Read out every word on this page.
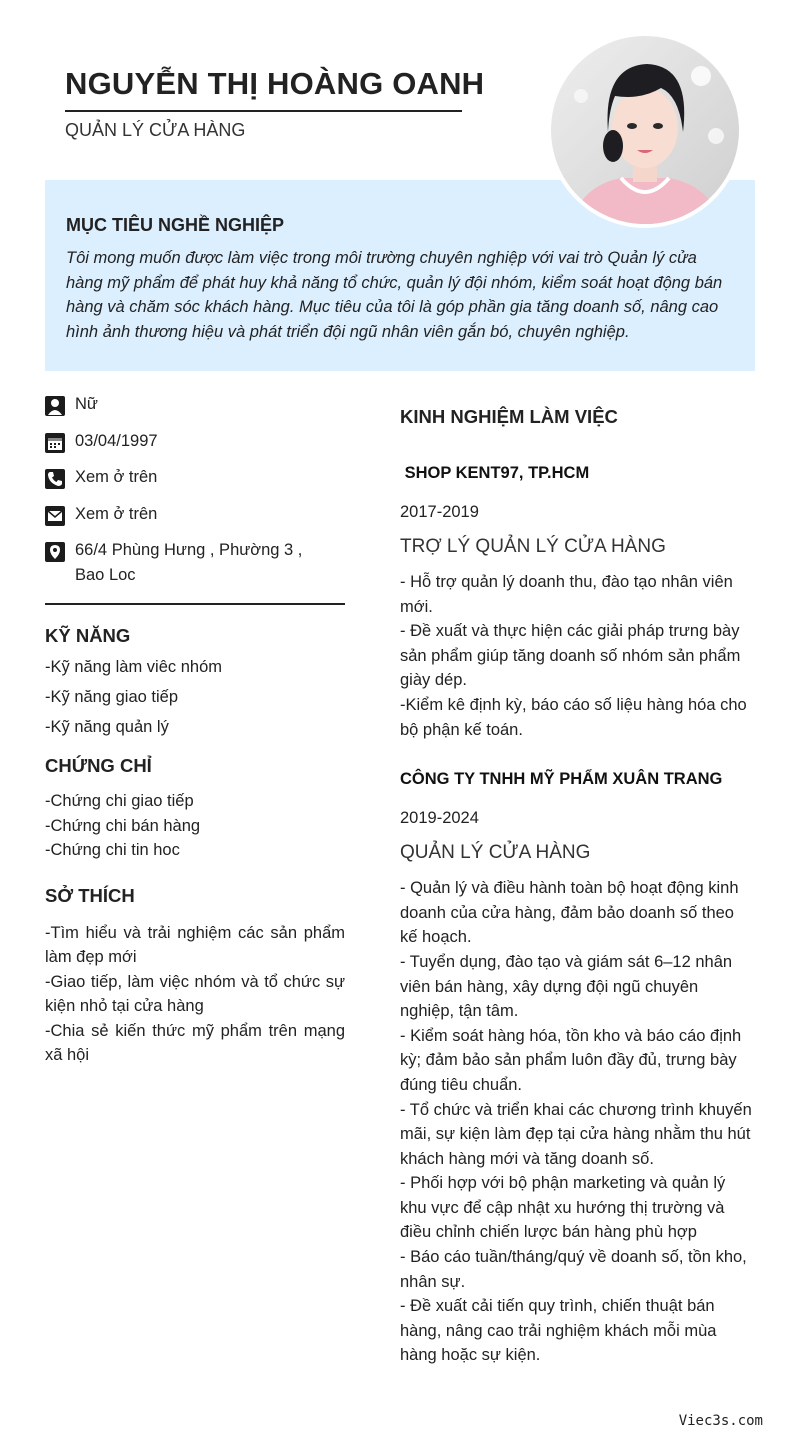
NGUYỄN THỊ HOÀNG OANH
QUẢN LÝ CỬA HÀNG
MỤC TIÊU NGHỀ NGHIỆP
Tôi mong muốn được làm việc trong môi trường chuyên nghiệp với vai trò Quản lý cửa hàng mỹ phẩm để phát huy khả năng tổ chức, quản lý đội nhóm, kiểm soát hoạt động bán hàng và chăm sóc khách hàng. Mục tiêu của tôi là góp phần gia tăng doanh số, nâng cao hình ảnh thương hiệu và phát triển đội ngũ nhân viên gắn bó, chuyên nghiệp.
Nữ
03/04/1997
Xem ở trên
Xem ở trên
66/4 Phùng Hưng , Phường 3 , Bao Loc
KỸ NĂNG
-Kỹ năng làm viêc nhóm
-Kỹ năng giao tiếp
-Kỹ năng quản lý
CHỨNG CHỈ
-Chứng chi giao tiếp
-Chứng chi bán hàng
-Chứng chi tin hoc
SỞ THÍCH
-Tìm hiểu và trải nghiệm các sản phẩm làm đẹp mới
-Giao tiếp, làm việc nhóm và tổ chức sự kiện nhỏ tại cửa hàng
-Chia sẻ kiến thức mỹ phẩm trên mạng xã hội
KINH NGHIỆM LÀM VIỆC
SHOP KENT97, TP.HCM
2017-2019
TRỢ LÝ QUẢN LÝ CỬA HÀNG
- Hỗ trợ quản lý doanh thu, đào tạo nhân viên mới.
- Đề xuất và thực hiện các giải pháp trưng bày sản phẩm giúp tăng doanh số nhóm sản phẩm giày dép.
-Kiểm kê định kỳ, báo cáo số liệu hàng hóa cho bộ phận kế toán.
CÔNG TY TNHH MỸ PHẨM XUÂN TRANG
2019-2024
QUẢN LÝ CỬA HÀNG
- Quản lý và điều hành toàn bộ hoạt động kinh doanh của cửa hàng, đảm bảo doanh số theo kế hoạch.
- Tuyển dụng, đào tạo và giám sát 6–12 nhân viên bán hàng, xây dựng đội ngũ chuyên nghiệp, tận tâm.
- Kiểm soát hàng hóa, tồn kho và báo cáo định kỳ; đảm bảo sản phẩm luôn đầy đủ, trưng bày đúng tiêu chuẩn.
- Tổ chức và triển khai các chương trình khuyến mãi, sự kiện làm đẹp tại cửa hàng nhằm thu hút khách hàng mới và tăng doanh số.
- Phối hợp với bộ phận marketing và quản lý khu vực để cập nhật xu hướng thị trường và điều chỉnh chiến lược bán hàng phù hợp
- Báo cáo tuần/tháng/quý về doanh số, tồn kho, nhân sự.
- Đề xuất cải tiến quy trình, chiến thuật bán hàng, nâng cao trải nghiệm khách mỗi mùa hàng hoặc sự kiện.
Viec3s.com
